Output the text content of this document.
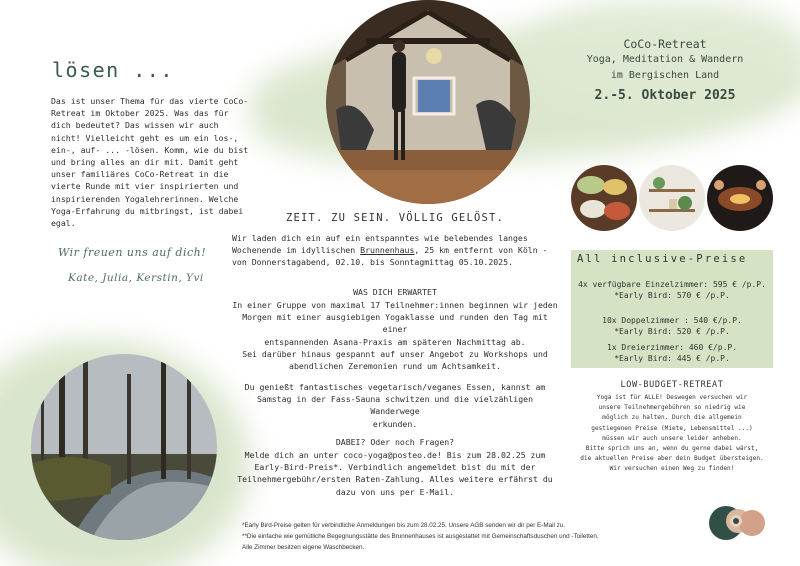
lösen ...
Das ist unser Thema für das vierte CoCo-
Retreat im Oktober 2025. Was das für
dich bedeutet? Das wissen wir auch
nicht! Vielleicht geht es um ein los-,
ein-, auf- ... -lösen. Komm, wie du bist
und bring alles an dir mit. Damit geht
unser familiäres CoCo-Retreat in die
vierte Runde mit vier inspirierten und
inspirierenden Yogalehrerinnen. Welche
Yoga-Erfahrung du mitbringst, ist dabei
egal.
Wir freuen uns auf dich!
Kate, Julia, Kerstin, Yvi
CoCo-Retreat
Yoga, Meditation & Wandern
im Bergischen Land
2.-5. Oktober 2025
ZEIT. ZU SEIN. VÖLLIG GELÖST.
Wir laden dich ein auf ein entspanntes wie belebendes langes
Wochenende im idyllischen Brunnenhaus, 25 km entfernt von Köln -
von Donnerstagabend, 02.10. bis Sonntagmittag 05.10.2025.
WAS DICH ERWARTET
In einer Gruppe von maximal 17 Teilnehmer:innen beginnen wir jeden
Morgen mit einer ausgiebigen Yogaklasse und runden den Tag mit einer
entspannenden Asana-Praxis am späteren Nachmittag ab.
Sei darüber hinaus gespannt auf unser Angebot zu Workshops und
abendlichen Zeremonien rund um Achtsamkeit.
Du genießt fantastisches vegetarisch/veganes Essen, kannst am
Samstag in der Fass-Sauna schwitzen und die vielzähligen Wanderwege
erkunden.
DABEI? Oder noch Fragen?
Melde dich an unter coco-yoga@posteo.de! Bis zum 28.02.25 zum
Early-Bird-Preis*. Verbindlich angemeldet bist du mit der
Teilnehmergebühr/ersten Raten-Zahlung. Alles weitere erfährst du
dazu von uns per E-Mail.
All inclusive-Preise
4x verfügbare Einzelzimmer: 595 € /p.P.
*Early Bird: 570 € /p.P.
10x Doppelzimmer : 540 €/p.P.
*Early Bird: 520 € /p.P.
1x Dreierzimmer: 460 €/p.P.
*Early Bird: 445 € /p.P.
LOW-BUDGET-RETREAT
Yoga ist für ALLE! Deswegen versuchen wir
unsere Teilnehmergebühren so niedrig wie
möglich zu halten. Durch die allgemein
gestiegenen Preise (Miete, Lebensmittel ...)
müssen wir auch unsere leider anheben.
Bitte sprich uns an, wenn du gerne dabei wärst,
die aktuellen Preise aber dein Budget übersteigen.
Wir versuchen einen Weg zu finden!
*Early Bird-Preise gelten für verbindliche Anmeldungen bis zum 28.02.25. Unsere AGB senden wir dir per E-Mail zu.
**Die einfache wie gemütliche Begegnungsstätte des Brunnenhauses ist ausgestattet mit Gemeinschaftsduschen und -Toiletten.
Alle Zimmer besitzen eigene Waschbecken.
